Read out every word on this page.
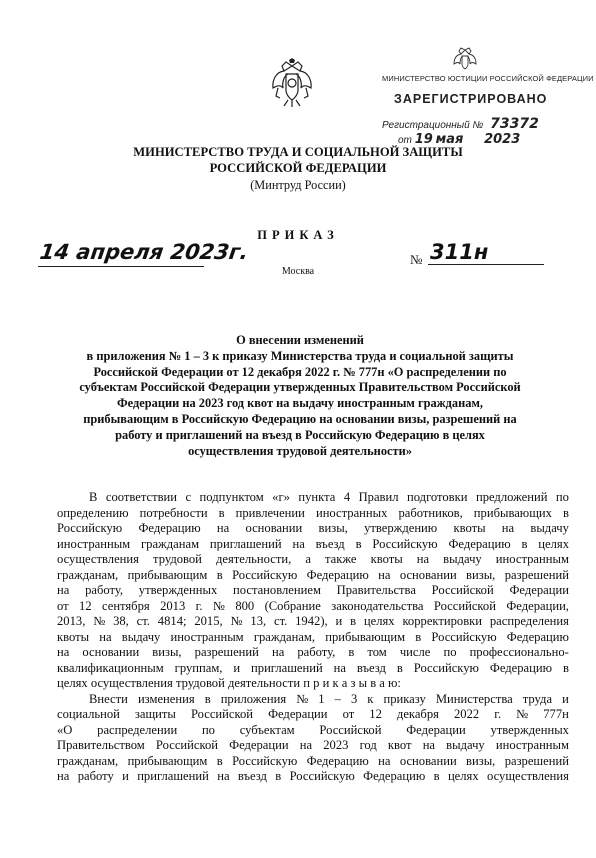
МИНИСТЕРСТВО ЮСТИЦИИ РОССИЙСКОЙ ФЕДЕРАЦИИ
ЗАРЕГИСТРИРОВАНО
Регистрационный № 73372
от 19 мая 2023
МИНИСТЕРСТВО ТРУДА И СОЦИАЛЬНОЙ ЗАЩИТЫ
РОССИЙСКОЙ ФЕДЕРАЦИИ
(Минтруд России)
ПРИКАЗ
14 апреля 2023г.
Москва
№ 311н
О внесении изменений
в приложения № 1 – 3 к приказу Министерства труда и социальной защиты
Российской Федерации от 12 декабря 2022 г. № 777н «О распределении по
субъектам Российской Федерации утвержденных Правительством Российской
Федерации на 2023 год квот на выдачу иностранным гражданам,
прибывающим в Российскую Федерацию на основании визы, разрешений на
работу и приглашений на въезд в Российскую Федерацию в целях
осуществления трудовой деятельности»
В соответствии с подпунктом «г» пункта 4 Правил подготовки предложений по
определению потребности в привлечении иностранных работников, прибывающих в
Российскую Федерацию на основании визы, утверждению квоты на выдачу
иностранным гражданам приглашений на въезд в Российскую Федерацию в целях
осуществления трудовой деятельности, а также квоты на выдачу иностранным
гражданам, прибывающим в Российскую Федерацию на основании визы, разрешений
на работу, утвержденных постановлением Правительства Российской Федерации
от 12 сентября 2013 г. № 800 (Собрание законодательства Российской Федерации,
2013, № 38, ст. 4814; 2015, № 13, ст. 1942), и в целях корректировки распределения
квоты на выдачу иностранным гражданам, прибывающим в Российскую Федерацию
на основании визы, разрешений на работу, в том числе по профессионально-
квалификационным группам, и приглашений на въезд в Российскую Федерацию в
целях осуществления трудовой деятельности п р и к а з ы в а ю:
Внести изменения в приложения № 1 – 3 к приказу Министерства труда и
социальной защиты Российской Федерации от 12 декабря 2022 г. № 777н
«О распределении по субъектам Российской Федерации утвержденных
Правительством Российской Федерации на 2023 год квот на выдачу иностранным
гражданам, прибывающим в Российскую Федерацию на основании визы, разрешений
на работу и приглашений на въезд в Российскую Федерацию в целях осуществления
